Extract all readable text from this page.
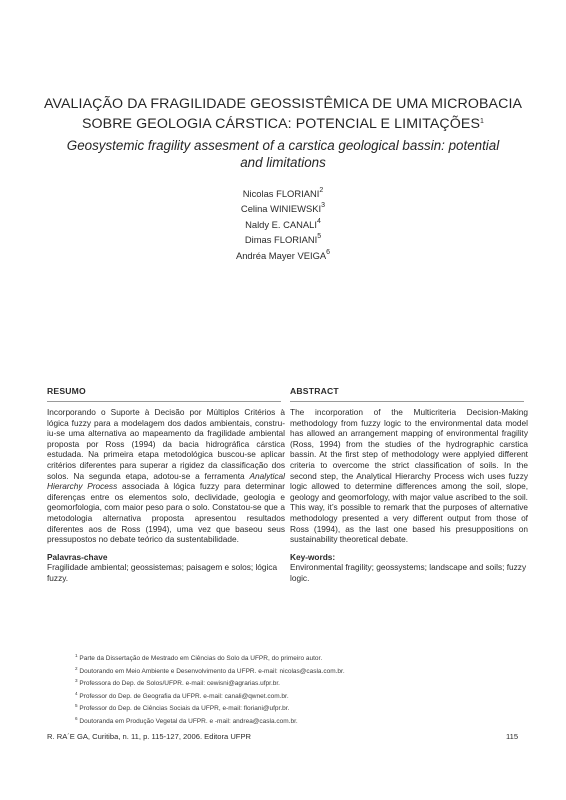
AVALIAÇÃO DA FRAGILIDADE GEOSSISTÊMICA DE UMA MICROBACIA
SOBRE GEOLOGIA CÁRSTICA: POTENCIAL E LIMITAÇÕES$^1$
Geosystemic fragility assesment of a carstica geological bassin: potential
and limitations
Nicolas FLORIANI$^2$
Celina WINIEWSKI$^3$
Naldy E. CANALI$^4$
Dimas FLORIANI$^5$
Andréa Mayer VEIGA$^6$
RESUMO

Incorporando o Suporte à Decisão por Múltiplos Critérios à lógica fuzzy para a modelagem dos dados ambientais, constru-iu-se uma alternativa ao mapeamento da fragilidade ambiental proposta por Ross (1994) da bacia hidrográfica cárstica estudada. Na primeira etapa metodológica buscou-se aplicar critérios diferentes para superar a rigidez da classificação dos solos. Na segunda etapa, adotou-se a ferramenta Analytical Hierarchy Process associada à lógica fuzzy para determinar diferenças entre os elementos solo, declividade, geologia e geomorfologia, com maior peso para o solo. Constatou-se que a metodologia alternativa proposta apresentou resultados diferentes aos de Ross (1994), uma vez que baseou seus pressupostos no debate teórico da sustentabilidade.

Palavras-chave

Fragilidade ambiental; geossistemas; paisagem e solos; lógica fuzzy.

ABSTRACT

The incorporation of the Multicriteria Decision-Making methodology from fuzzy logic to the environmental data model has allowed an arrangement mapping of environmental fragility (Ross, 1994) from the studies of the hydrographic carstica bassin. At the first step of methodology were applyied different criteria to overcome the strict classification of soils. In the second step, the Analytical Hierarchy Process wich uses fuzzy logic allowed to determine differences among the soil, slope, geology and geomorfology, with major value ascribed to the soil. This way, it’s possible to remark that the purposes of alternative methodology presented a very different output from those of Ross (1994), as the last one based his presuppositions on sustainability theoretical debate.

Key-words:

Environmental fragility; geossystems; landscape and soils; fuzzy logic.

$^1$ Parte da Dissertação de Mestrado em Ciências do Solo da UFPR, do primeiro autor.
$^2$ Doutorando em Meio Ambiente e Desenvolvimento da UFPR. e-mail: nicolas@casla.com.br.
$^3$ Professora do Dep. de Solos/UFPR. e-mail: cewisni@agrarias.ufpr.br.
$^4$ Professor do Dep. de Geografia da UFPR. e-mail: canali@qwnet.com.br.
$^5$ Professor do Dep. de Ciências Sociais da UFPR, e-mail: floriani@ufpr.br.
$^6$ Doutoranda em Produção Vegetal da UFPR. e -mail: andrea@casla.com.br.
R. RA´E GA, Curitiba, n. 11, p. 115-127, 2006. Editora UFPR	115
